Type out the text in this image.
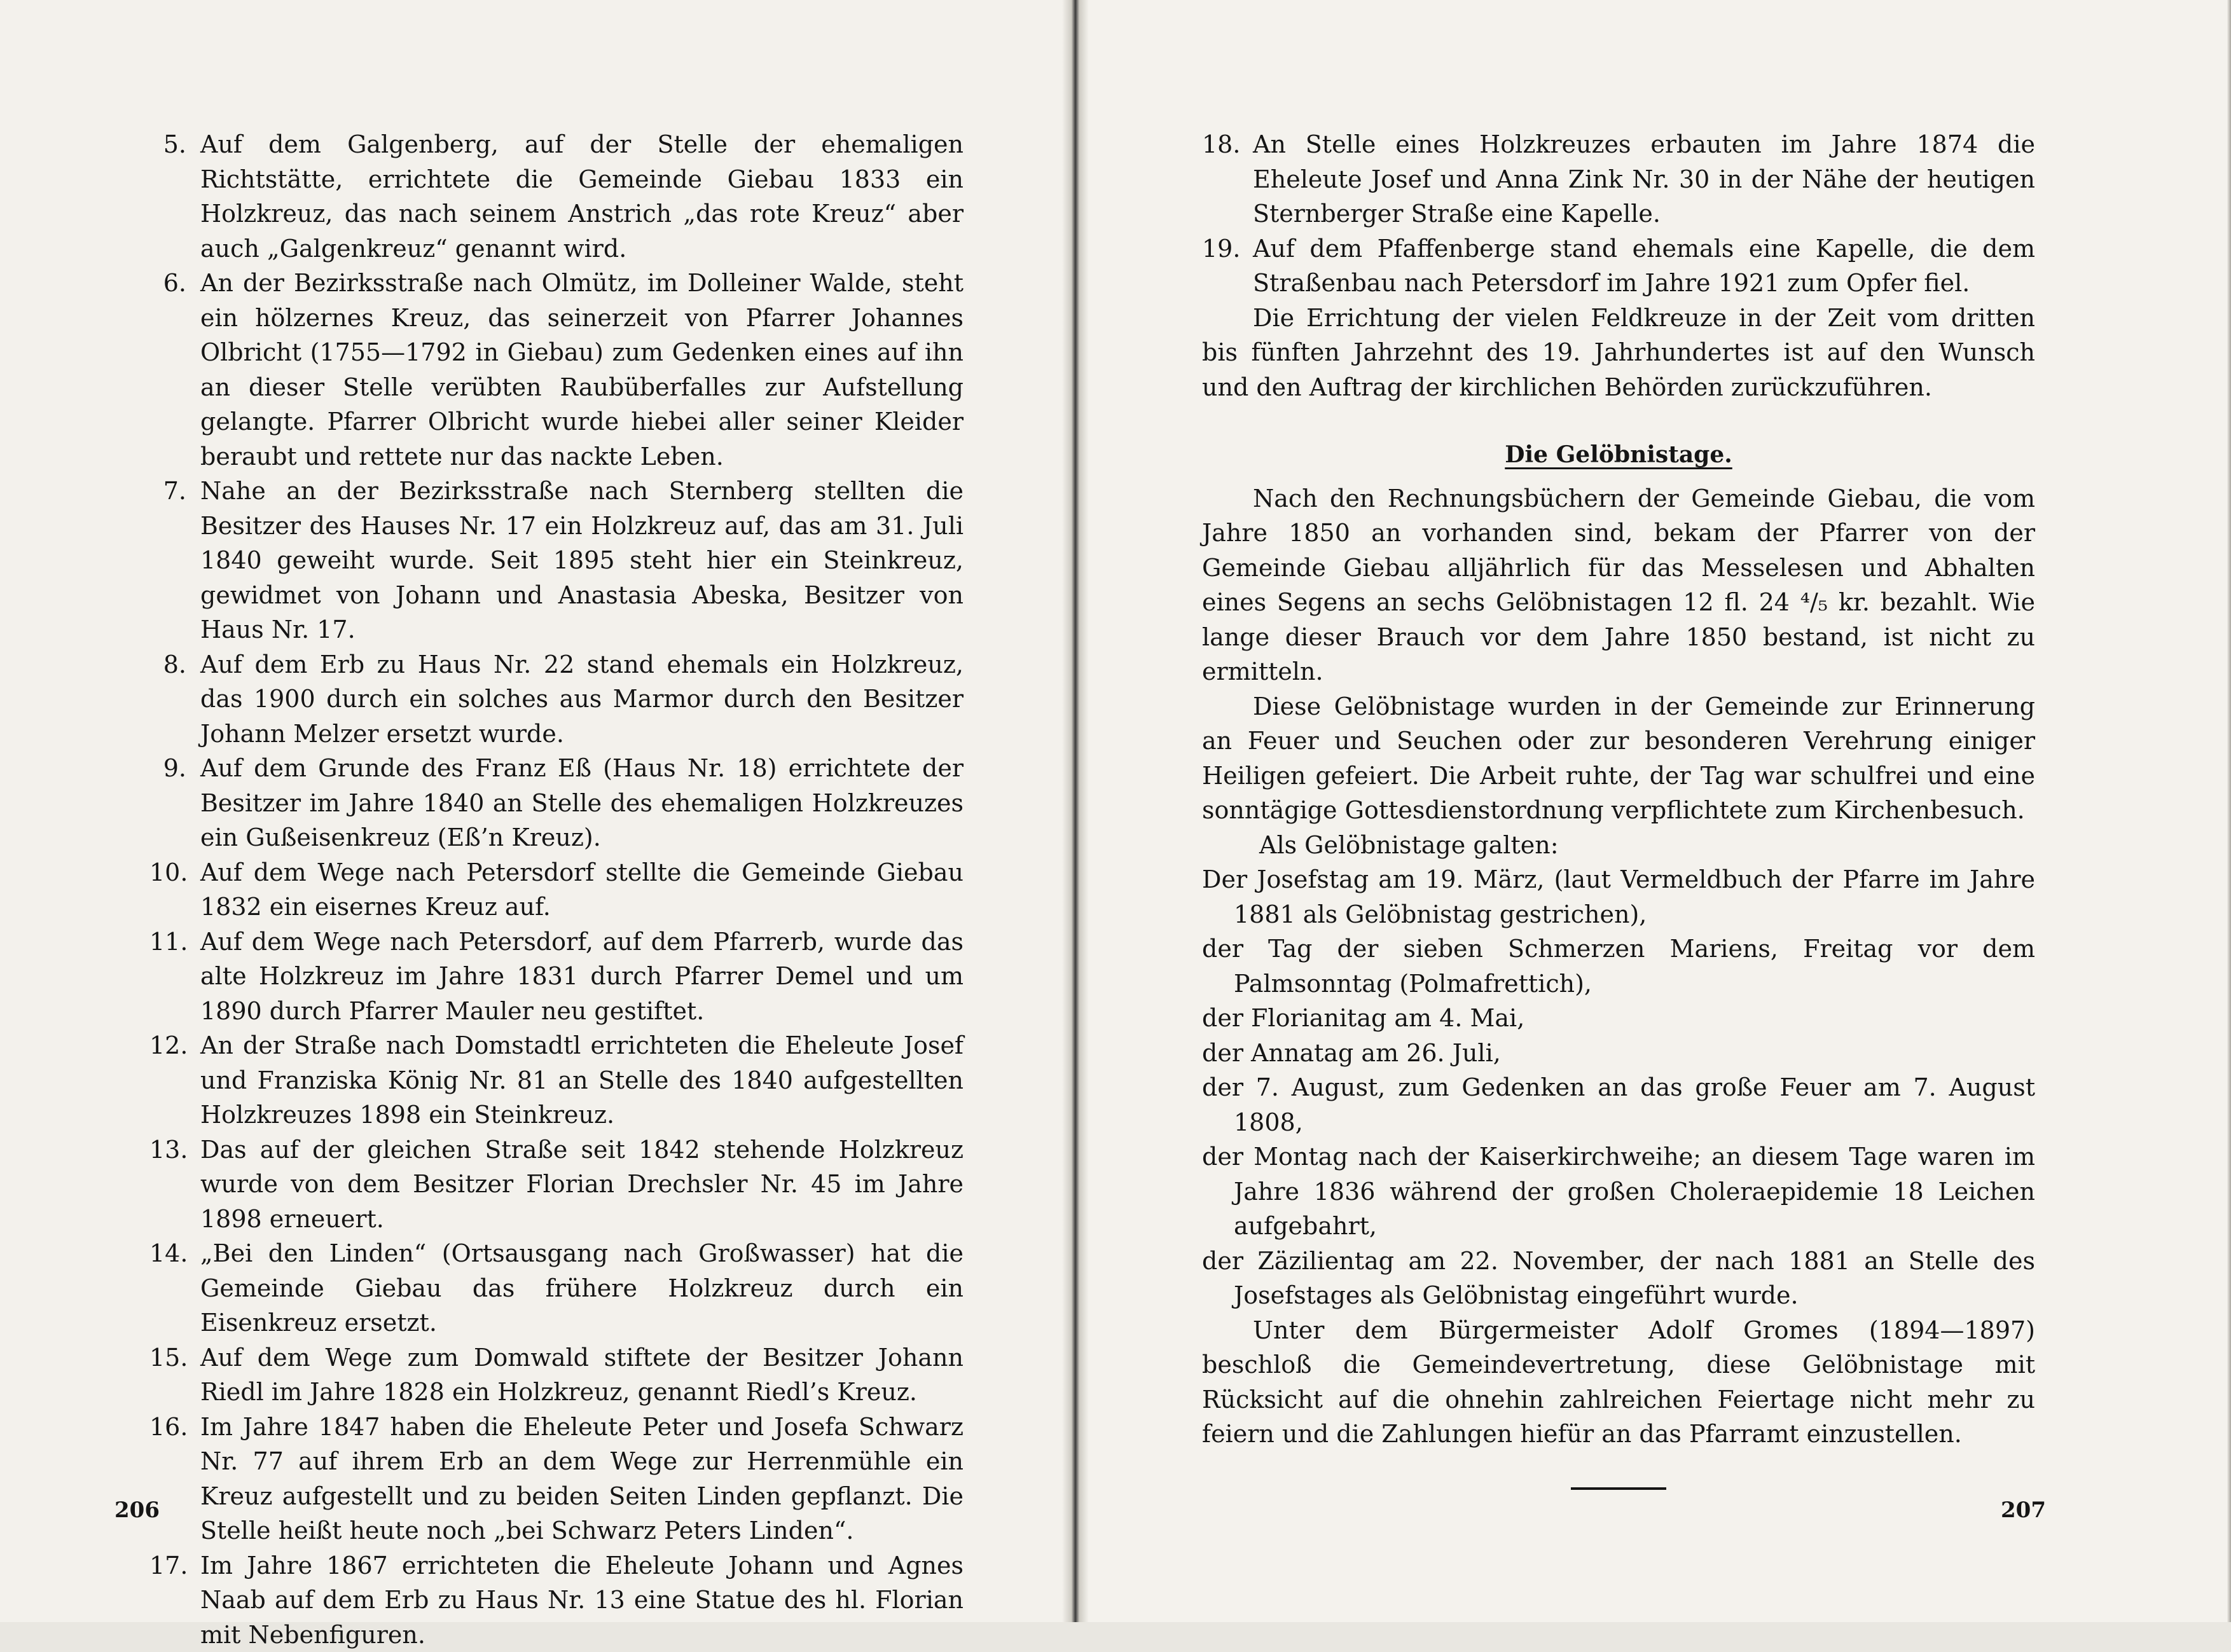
5. Auf dem Galgenberg, auf der Stelle der ehemaligen Richtstätte, errichtete die Gemeinde Giebau 1833 ein Holzkreuz, das nach seinem Anstrich „das rote Kreuz“ aber auch „Galgenkreuz“ genannt wird.
6. An der Bezirksstraße nach Olmütz, im Dolleiner Walde, steht ein hölzernes Kreuz, das seinerzeit von Pfarrer Johannes Olbricht (1755—1792 in Giebau) zum Gedenken eines auf ihn an dieser Stelle verübten Raubüberfalles zur Aufstellung gelangte. Pfarrer Olbricht wurde hiebei aller seiner Kleider beraubt und rettete nur das nackte Leben.
7. Nahe an der Bezirksstraße nach Sternberg stellten die Besitzer des Hauses Nr. 17 ein Holzkreuz auf, das am 31. Juli 1840 geweiht wurde. Seit 1895 steht hier ein Steinkreuz, gewidmet von Johann und Anastasia Abeska, Besitzer von Haus Nr. 17.
8. Auf dem Erb zu Haus Nr. 22 stand ehemals ein Holzkreuz, das 1900 durch ein solches aus Marmor durch den Besitzer Johann Melzer ersetzt wurde.
9. Auf dem Grunde des Franz Eß (Haus Nr. 18) errichtete der Besitzer im Jahre 1840 an Stelle des ehemaligen Holzkreuzes ein Gußeisenkreuz (Eß’n Kreuz).
10. Auf dem Wege nach Petersdorf stellte die Gemeinde Giebau 1832 ein eisernes Kreuz auf.
11. Auf dem Wege nach Petersdorf, auf dem Pfarrerb, wurde das alte Holzkreuz im Jahre 1831 durch Pfarrer Demel und um 1890 durch Pfarrer Mauler neu gestiftet.
12. An der Straße nach Domstadtl errichteten die Eheleute Josef und Franziska König Nr. 81 an Stelle des 1840 aufgestellten Holzkreuzes 1898 ein Steinkreuz.
13. Das auf der gleichen Straße seit 1842 stehende Holzkreuz wurde von dem Besitzer Florian Drechsler Nr. 45 im Jahre 1898 erneuert.
14. „Bei den Linden“ (Ortsausgang nach Großwasser) hat die Gemeinde Giebau das frühere Holzkreuz durch ein Eisenkreuz ersetzt.
15. Auf dem Wege zum Domwald stiftete der Besitzer Johann Riedl im Jahre 1828 ein Holzkreuz, genannt Riedl’s Kreuz.
16. Im Jahre 1847 haben die Eheleute Peter und Josefa Schwarz Nr. 77 auf ihrem Erb an dem Wege zur Herrenmühle ein Kreuz aufgestellt und zu beiden Seiten Linden gepflanzt. Die Stelle heißt heute noch „bei Schwarz Peters Linden“.
17. Im Jahre 1867 errichteten die Eheleute Johann und Agnes Naab auf dem Erb zu Haus Nr. 13 eine Statue des hl. Florian mit Nebenfiguren.
206
18. An Stelle eines Holzkreuzes erbauten im Jahre 1874 die Eheleute Josef und Anna Zink Nr. 30 in der Nähe der heutigen Sternberger Straße eine Kapelle.
19. Auf dem Pfaffenberge stand ehemals eine Kapelle, die dem Straßenbau nach Petersdorf im Jahre 1921 zum Opfer fiel.

Die Errichtung der vielen Feldkreuze in der Zeit vom dritten bis fünften Jahrzehnt des 19. Jahrhundertes ist auf den Wunsch und den Auftrag der kirchlichen Behörden zurückzuführen.

Die Gelöbnistage.

Nach den Rechnungsbüchern der Gemeinde Giebau, die vom Jahre 1850 an vorhanden sind, bekam der Pfarrer von der Gemeinde Giebau alljährlich für das Messelesen und Abhalten eines Segens an sechs Gelöbnistagen 12 fl. 24 ⁴/₅ kr. bezahlt. Wie lange dieser Brauch vor dem Jahre 1850 bestand, ist nicht zu ermitteln.

Diese Gelöbnistage wurden in der Gemeinde zur Erinnerung an Feuer und Seuchen oder zur besonderen Verehrung einiger Heiligen gefeiert. Die Arbeit ruhte, der Tag war schulfrei und eine sonntägige Gottesdienstordnung verpflichtete zum Kirchenbesuch.

Als Gelöbnistage galten:

Der Josefstag am 19. März, (laut Vermeldbuch der Pfarre im Jahre 1881 als Gelöbnistag gestrichen),

der Tag der sieben Schmerzen Mariens, Freitag vor dem Palmsonntag (Polmafrettich),

der Florianitag am 4. Mai,

der Annatag am 26. Juli,

der 7. August, zum Gedenken an das große Feuer am 7. August 1808,

der Montag nach der Kaiserkirchweihe; an diesem Tage waren im Jahre 1836 während der großen Choleraepidemie 18 Leichen aufgebahrt,

der Zäzilientag am 22. November, der nach 1881 an Stelle des Josefstages als Gelöbnistag eingeführt wurde.

Unter dem Bürgermeister Adolf Gromes (1894—1897) beschloß die Gemeindevertretung, diese Gelöbnistage mit Rücksicht auf die ohnehin zahlreichen Feiertage nicht mehr zu feiern und die Zahlungen hiefür an das Pfarramt einzustellen.

207
